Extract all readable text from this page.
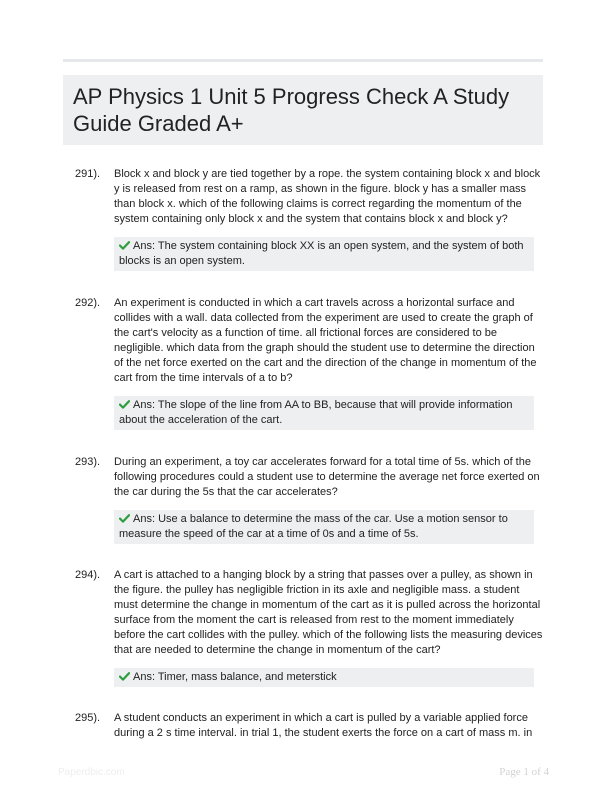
AP Physics 1 Unit 5 Progress Check A Study Guide Graded A+
291). Block x and block y are tied together by a rope. the system containing block x and block y is released from rest on a ramp, as shown in the figure. block y has a smaller mass than block x. which of the following claims is correct regarding the momentum of the system containing only block x and the system that contains block x and block y?
Ans: The system containing block XX is an open system, and the system of both blocks is an open system.
292). An experiment is conducted in which a cart travels across a horizontal surface and collides with a wall. data collected from the experiment are used to create the graph of the cart's velocity as a function of time. all frictional forces are considered to be negligible. which data from the graph should the student use to determine the direction of the net force exerted on the cart and the direction of the change in momentum of the cart from the time intervals of a to b?
Ans: The slope of the line from AA to BB, because that will provide information about the acceleration of the cart.
293). During an experiment, a toy car accelerates forward for a total time of 5s. which of the following procedures could a student use to determine the average net force exerted on the car during the 5s that the car accelerates?
Ans: Use a balance to determine the mass of the car. Use a motion sensor to measure the speed of the car at a time of 0s and a time of 5s.
294). A cart is attached to a hanging block by a string that passes over a pulley, as shown in the figure. the pulley has negligible friction in its axle and negligible mass. a student must determine the change in momentum of the cart as it is pulled across the horizontal surface from the moment the cart is released from rest to the moment immediately before the cart collides with the pulley. which of the following lists the measuring devices that are needed to determine the change in momentum of the cart?
Ans: Timer, mass balance, and meterstick
295). A student conducts an experiment in which a cart is pulled by a variable applied force during a 2 s time interval. in trial 1, the student exerts the force on a cart of mass m. in
Paperdbic.com	Page 1 of 4
